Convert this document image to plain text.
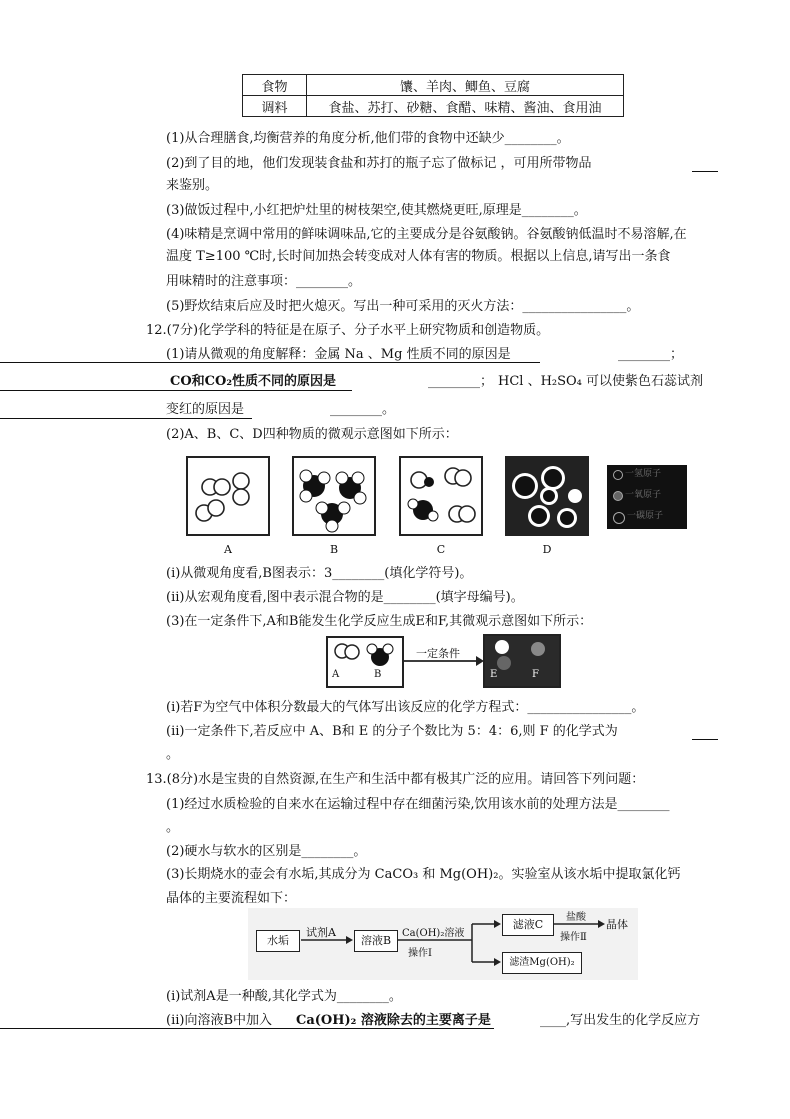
食物	馕、羊肉、鲫鱼、豆腐
调料	食盐、苏打、砂糖、食醋、味精、酱油、食用油
(1)从合理膳食,均衡营养的角度分析,他们带的食物中还缺少________。
(2)到了目的地，他们发现装食盐和苏打的瓶子忘了做标记 ，可用所带物品
来鉴别。
(3)做饭过程中,小红把炉灶里的树枝架空,使其燃烧更旺,原理是________。
(4)味精是烹调中常用的鲜味调味品,它的主要成分是谷氨酸钠。谷氨酸钠低温时不易溶解,在
温度 T≥100 ℃时,长时间加热会转变成对人体有害的物质。根据以上信息,请写出一条食
用味精时的注意事项：________。
(5)野炊结束后应及时把火熄灭。写出一种可采用的灭火方法：________________。
12.(7分)化学学科的特征是在原子、分子水平上研究物质和创造物质。
(1)请从微观的角度解释：金属 Na 、Mg 性质不同的原因是	________；
CO和CO₂性质不同的原因是	________； HCl 、H₂SO₄ 可以使紫色石蕊试剂
变红的原因是	________。
(2)A、B、C、D四种物质的微观示意图如下所示：
一氢原子
一氧原子
一碳原子
A	B	C	D
(ⅰ)从微观角度看,B图表示：3________(填化学符号)。
(ⅱ)从宏观角度看,图中表示混合物的是________(填字母编号)。
(3)在一定条件下,A和B能发生化学反应生成E和F,其微观示意图如下所示：
A	B
一定条件
E	F
(ⅰ)若F为空气中体积分数最大的气体写出该反应的化学方程式：________________。
(ⅱ)一定条件下,若反应中 A、B和 E 的分子个数比为 5：4：6,则 F 的化学式为
。
13.(8分)水是宝贵的自然资源,在生产和生活中都有极其广泛的应用。请回答下列问题：
(1)经过水质检验的自来水在运输过程中存在细菌污染,饮用该水前的处理方法是________
。
(2)硬水与软水的区别是________。
(3)长期烧水的壶会有水垢,其成分为 CaCO₃ 和 Mg(OH)₂。实验室从该水垢中提取氯化钙
晶体的主要流程如下：
水垢
试剂A
溶液B
Ca(OH)₂溶液
操作Ⅰ
滤液C
盐酸
操作Ⅱ
晶体
滤渣Mg(OH)₂
(ⅰ)试剂A是一种酸,其化学式为________。
(ⅱ)向溶液B中加入 Ca(OH)₂ 溶液除去的主要离子是	____,写出发生的化学反应方
